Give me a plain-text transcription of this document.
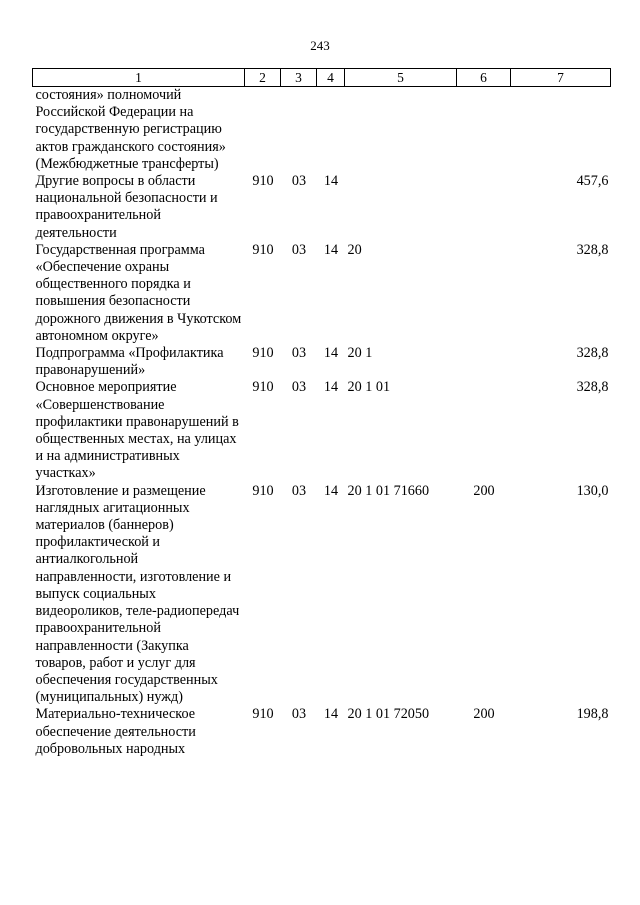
243
1	2	3	4	5	6	7
состояния» полномочий Российской Федерации на государственную регистрацию актов гражданского состояния» (Межбюджетные трансферты)						
Другие вопросы в области национальной безопасности и правоохранительной деятельности	910	03	14			457,6
Государственная программа «Обеспечение охраны общественного порядка и повышения безопасности дорожного движения в Чукотском автономном округе»	910	03	14	20		328,8
Подпрограмма «Профилактика правонарушений»	910	03	14	20 1		328,8
Основное мероприятие «Совершенствование профилактики правонарушений в общественных местах, на улицах и на административных участках»	910	03	14	20 1 01		328,8
Изготовление и размещение наглядных агитационных материалов (баннеров) профилактической и антиалкогольной направленности, изготовление и выпуск социальных видеороликов, теле-радиопередач правоохранительной направленности (Закупка товаров, работ и услуг для обеспечения государственных (муниципальных) нужд)	910	03	14	20 1 01 71660	200	130,0
Материально-техническое обеспечение деятельности добровольных народных	910	03	14	20 1 01 72050	200	198,8
